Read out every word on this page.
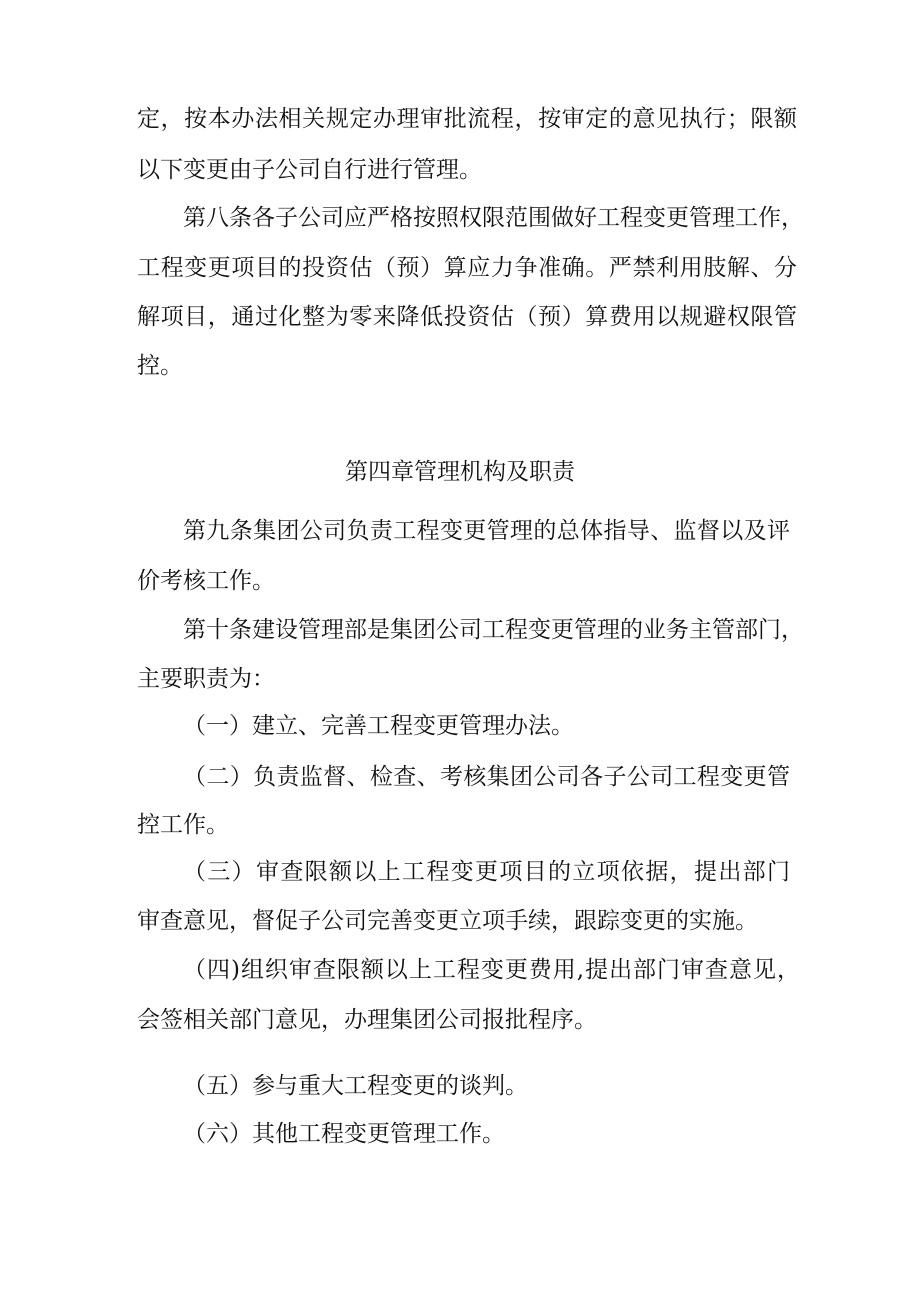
定，按本办法相关规定办理审批流程，按审定的意见执行；限额
以下变更由子公司自行进行管理。
第八条各子公司应严格按照权限范围做好工程变更管理工作，
工程变更项目的投资估（预）算应力争准确。严禁利用肢解、分
解项目，通过化整为零来降低投资估（预）算费用以规避权限管
控。
第四章管理机构及职责
第九条集团公司负责工程变更管理的总体指导、监督以及评
价考核工作。
第十条建设管理部是集团公司工程变更管理的业务主管部门，
主要职责为：
（一）建立、完善工程变更管理办法。
（二）负责监督、检查、考核集团公司各子公司工程变更管
控工作。
（三）审查限额以上工程变更项目的立项依据，提出部门
审查意见，督促子公司完善变更立项手续，跟踪变更的实施。
（四)组织审查限额以上工程变更费用,提出部门审查意见，
会签相关部门意见，办理集团公司报批程序。
（五）参与重大工程变更的谈判。
（六）其他工程变更管理工作。
